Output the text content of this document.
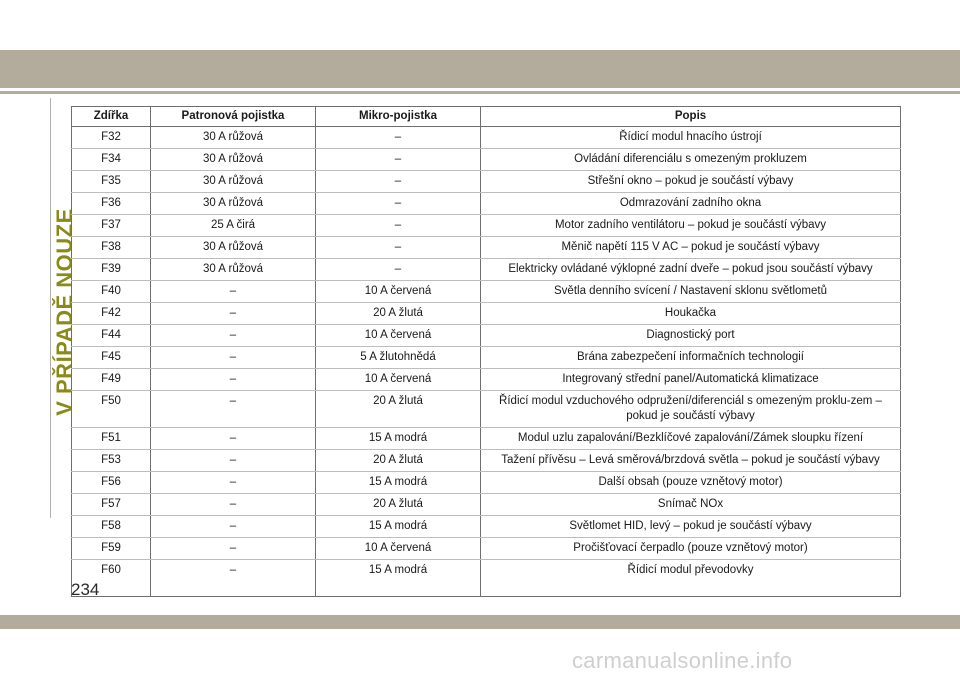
V PŘÍPADĚ NOUZE
Zdířka	Patronová pojistka	Mikro-pojistka	Popis
F32	30 A růžová	–	Řídicí modul hnacího ústrojí
F34	30 A růžová	–	Ovládání diferenciálu s omezeným prokluzem
F35	30 A růžová	–	Střešní okno – pokud je součástí výbavy
F36	30 A růžová	–	Odmrazování zadního okna
F37	25 A čirá	–	Motor zadního ventilátoru – pokud je součástí výbavy
F38	30 A růžová	–	Měnič napětí 115 V AC – pokud je součástí výbavy
F39	30 A růžová	–	Elektricky ovládané výklopné zadní dveře – pokud jsou součástí výbavy
F40	–	10 A červená	Světla denního svícení / Nastavení sklonu světlometů
F42	–	20 A žlutá	Houkačka
F44	–	10 A červená	Diagnostický port
F45	–	5 A žlutohnědá	Brána zabezpečení informačních technologií
F49	–	10 A červená	Integrovaný střední panel/Automatická klimatizace
F50	–	20 A žlutá	Řídicí modul vzduchového odpružení/diferenciál s omezeným proklu-zem – pokud je součástí výbavy
F51	–	15 A modrá	Modul uzlu zapalování/Bezklíčové zapalování/Zámek sloupku řízení
F53	–	20 A žlutá	Tažení přívěsu – Levá směrová/brzdová světla – pokud je součástí výbavy
F56	–	15 A modrá	Další obsah (pouze vznětový motor)
F57	–	20 A žlutá	Snímač NOx
F58	–	15 A modrá	Světlomet HID, levý – pokud je součástí výbavy
F59	–	10 A červená	Pročišťovací čerpadlo (pouze vznětový motor)
F60	–	15 A modrá	Řídicí modul převodovky
234
carmanualsonline.info
